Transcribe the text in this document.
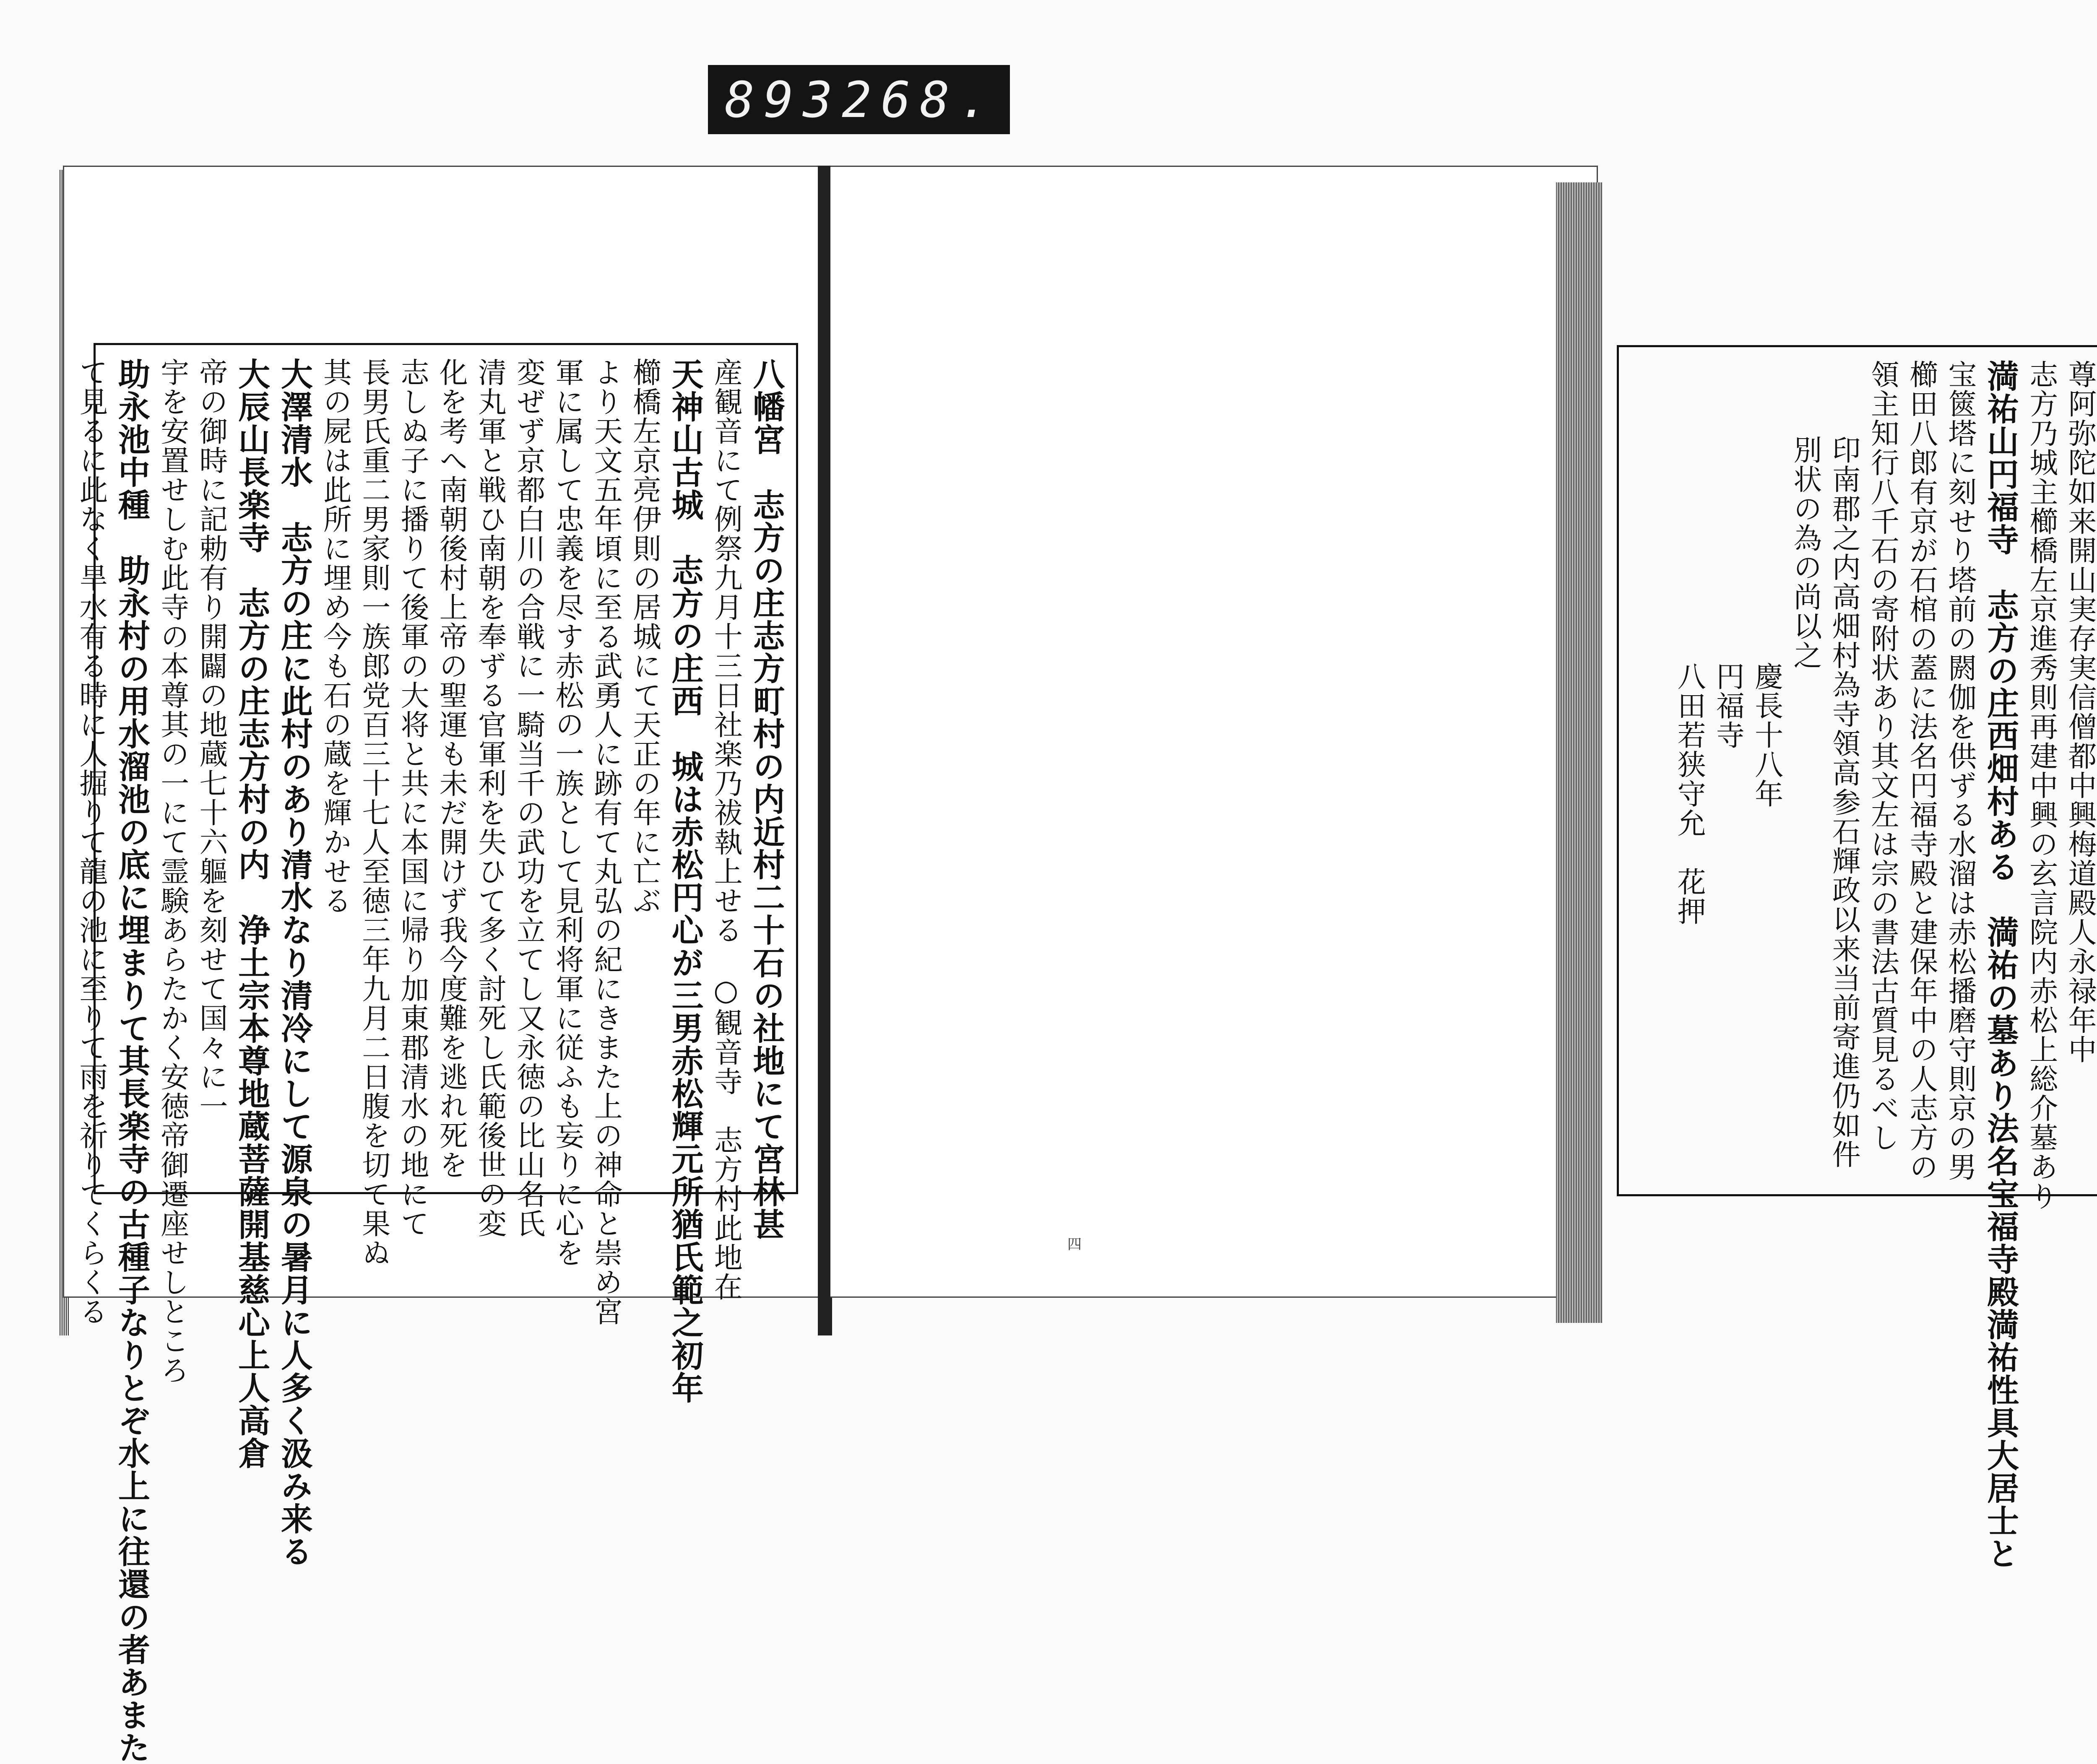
893 268.
八幡宮　志方の庄志方町村の内近村二十石の社地にて宮林甚
産観音にて例祭九月十三日社楽乃祓執上せる　○観音寺　志方村此地在
天神山古城　志方の庄西　城は赤松円心が三男赤松輝元所猶氏範之初年
櫛橋左京亮伊則の居城にて天正の年に亡ぶ
より天文五年頃に至る武勇人に跡有て丸弘の紀にきまた上の神命と崇め宮
軍に属して忠義を尽す赤松の一族として見利将軍に従ふも妄りに心を
変ぜず京都白川の合戦に一騎当千の武功を立てし又永徳の比山名氏
清丸軍と戦ひ南朝を奉ずる官軍利を失ひて多く討死し氏範後世の変
化を考へ南朝後村上帝の聖運も未だ開けず我今度難を逃れ死を
志しぬ子に播りて後軍の大将と共に本国に帰り加東郡清水の地にて
長男氏重二男家則一族郎党百三十七人至徳三年九月二日腹を切て果ぬ
其の屍は此所に埋め今も石の蔵を輝かせる
大澤清水　志方の庄に此村のあり清水なり清冷にして源泉の暑月に人多く汲み来る
大辰山長楽寺　志方の庄志方村の内　浄土宗本尊地蔵菩薩開基慈心上人高倉
帝の御時に記勅有り開闢の地蔵七十六軀を刻せて国々に一
宇を安置せしむ此寺の本尊其の一にて霊験あらたかく安徳帝御遷座せしところ
助永池中種　助永村の用水溜池の底に埋まりて其長楽寺の古種子なりとぞ水上に往還の者あまた
て見るに此なく旱水有る時に人掘りて龍の池に至りて雨を祈りてくらくる	尊阿弥陀如来開山実存実信僧都中興梅道殿人永禄年中
志方乃城主櫛橋左京進秀則再建中興の玄言院内赤松上総介墓あり
満祐山円福寺　志方の庄西畑村ある　満祐の墓あり法名宝福寺殿満祐性具大居士と
宝篋塔に刻せり塔前の閼伽を供ずる水溜は赤松播磨守則京の男
櫛田八郎有京が石棺の蓋に法名円福寺殿と建保年中の人志方の
領主知行八千石の寄附状あり其文左は宗の書法古質見るべし
印南郡之内高畑村為寺領高参石輝政以来当前寄進仍如件
別状の為の尚以之
慶長十八年
円福寺
八田若狭守允　花押
四
